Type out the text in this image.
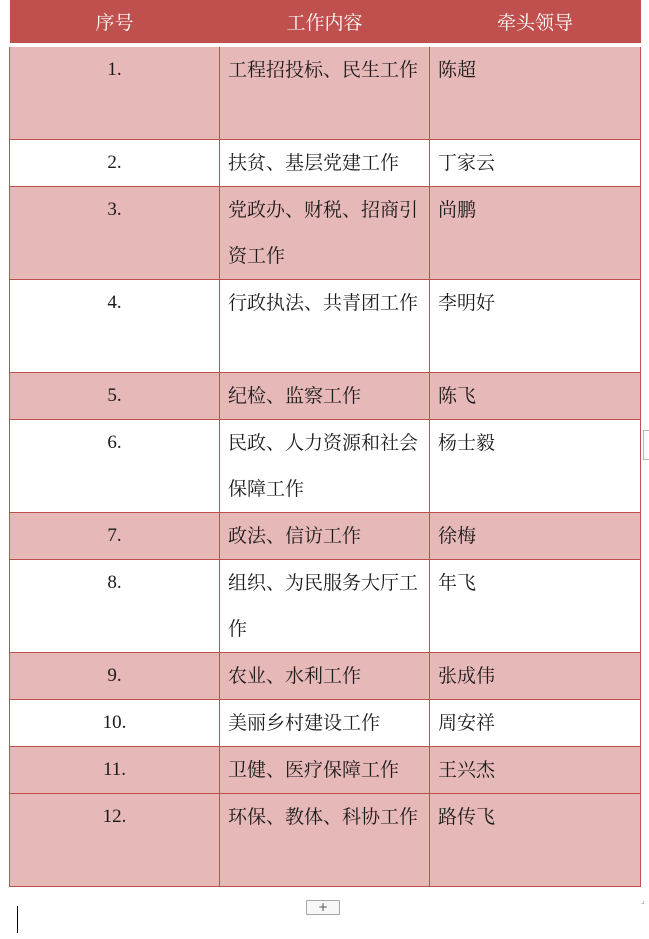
序号	工作内容	牵头领导
1.	工程招投标、民生工作	陈超
2.	扶贫、基层党建工作	丁家云
3.	党政办、财税、招商引资工作	尚鹏
4.	行政执法、共青团工作	李明好
5.	纪检、监察工作	陈飞
6.	民政、人力资源和社会保障工作	杨士毅
7.	政法、信访工作	徐梅
8.	组织、为民服务大厅工作	年飞
9.	农业、水利工作	张成伟
10.	美丽乡村建设工作	周安祥
11.	卫健、医疗保障工作	王兴杰
12.	环保、教体、科协工作	路传飞
+	⌟
